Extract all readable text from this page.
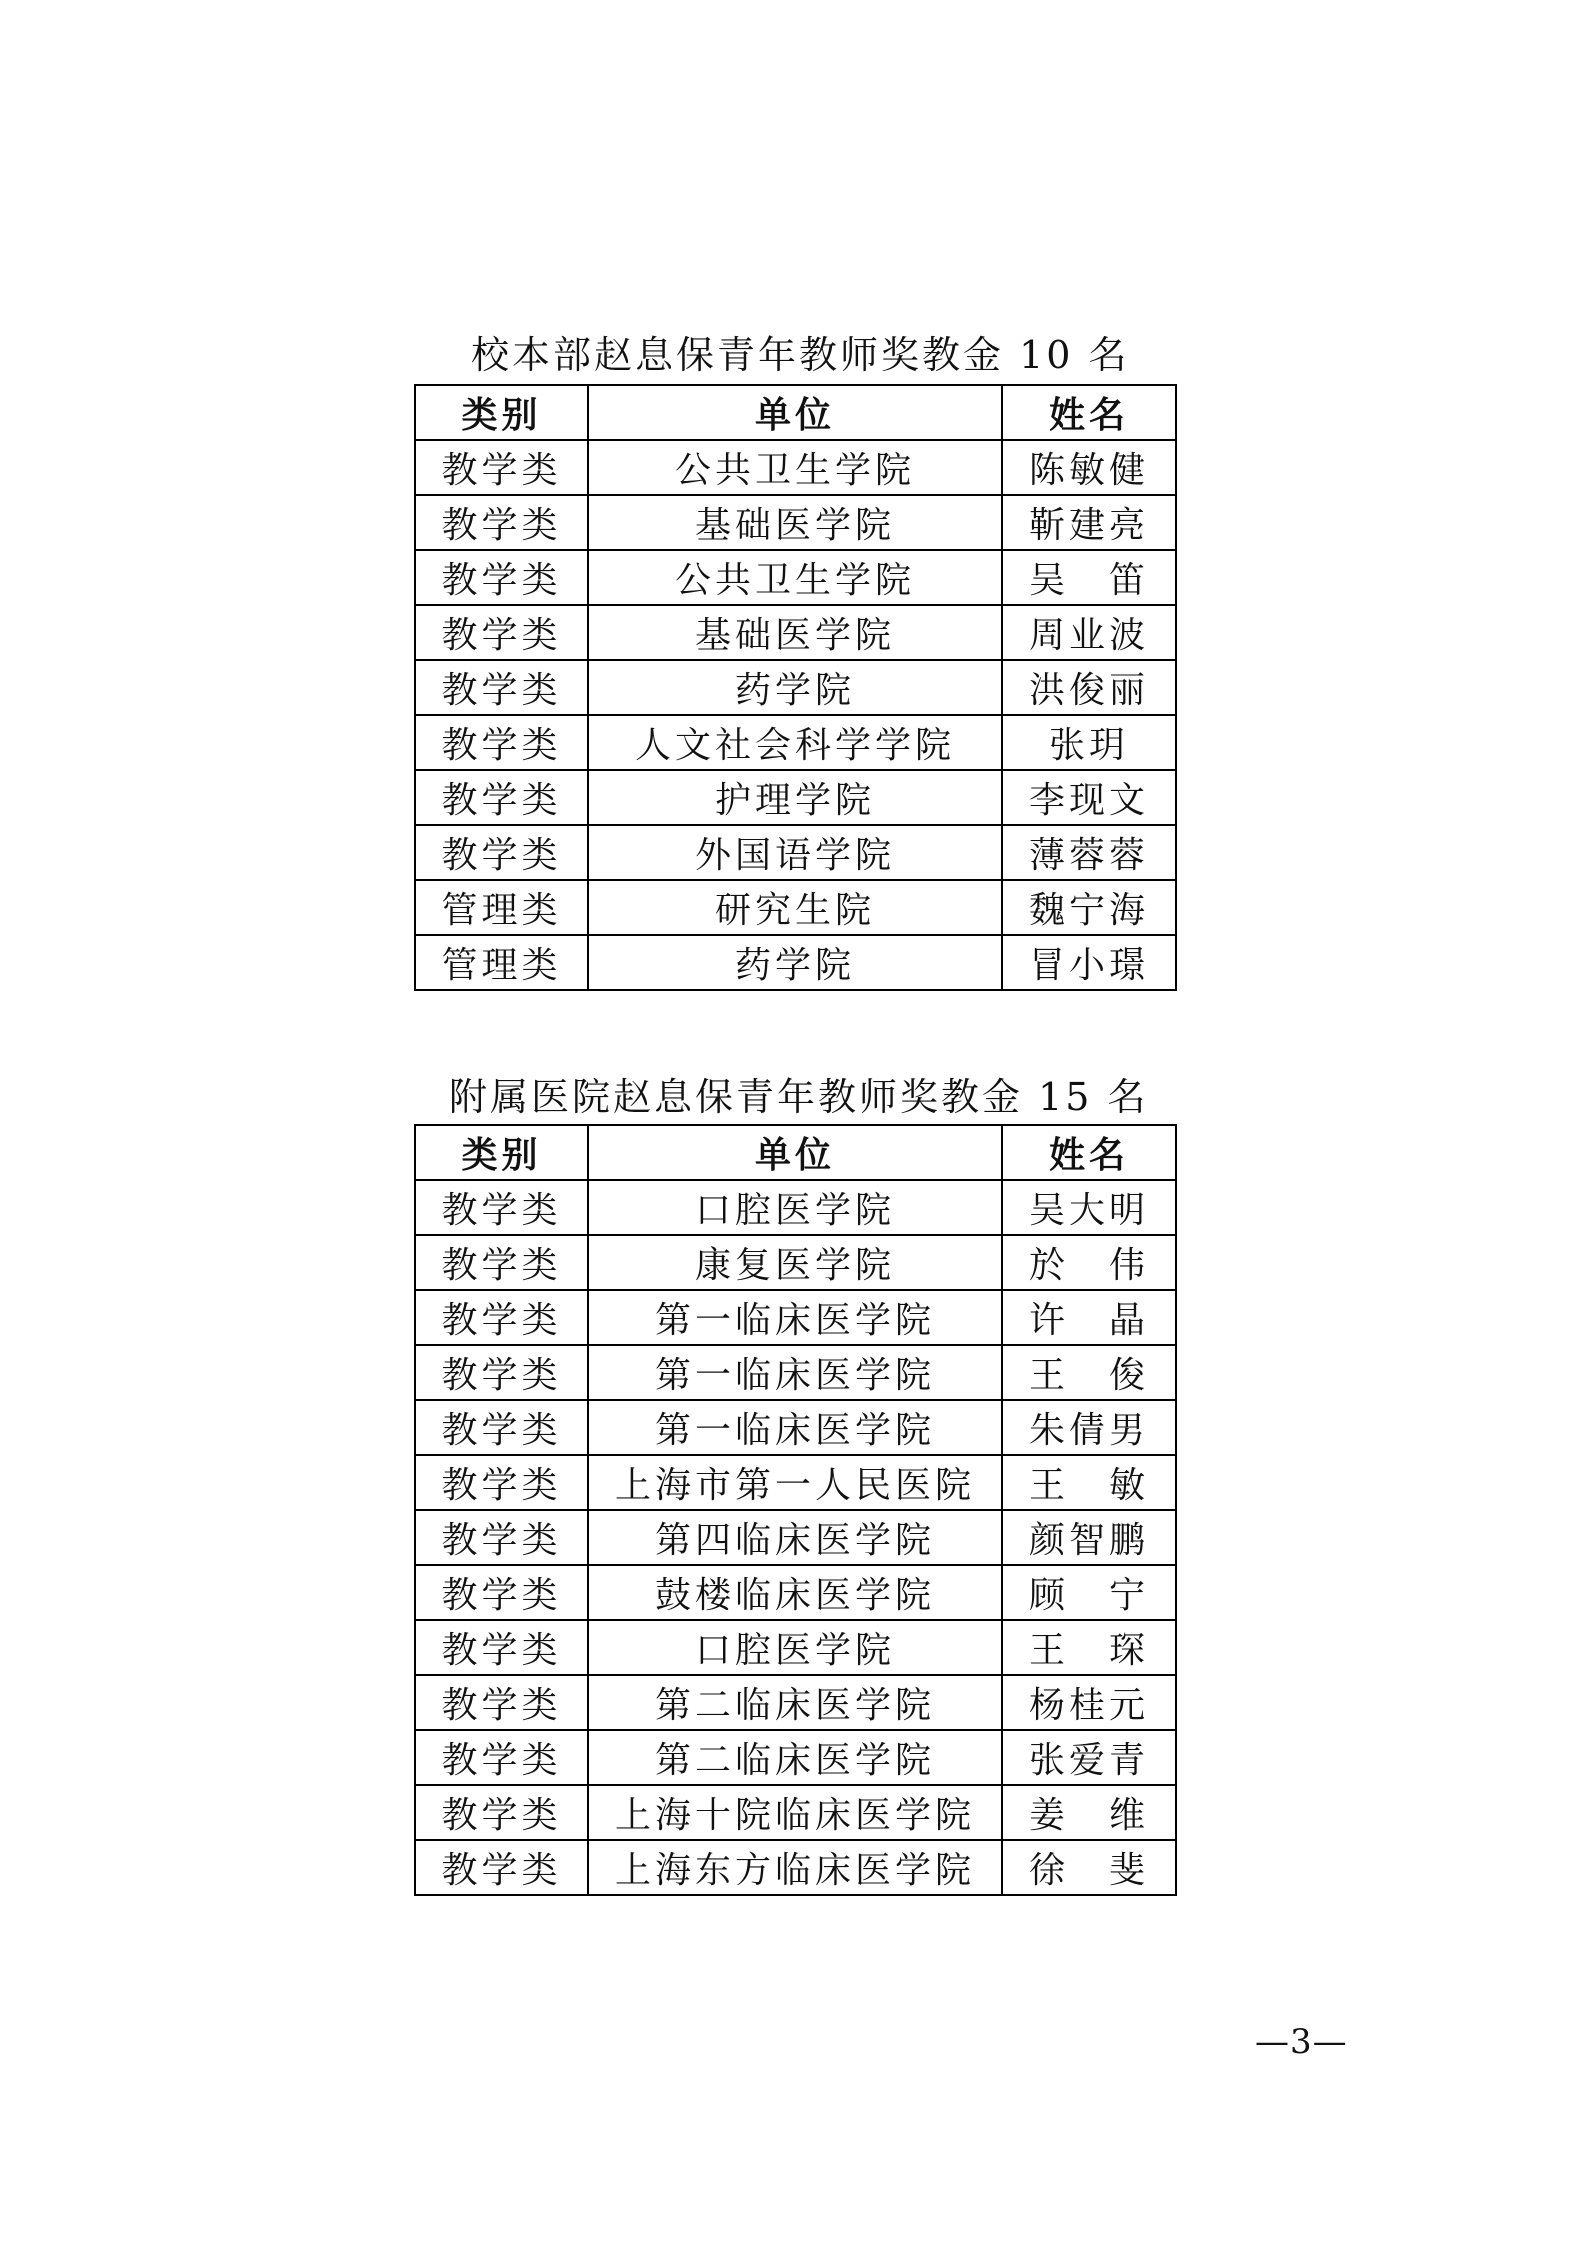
校本部赵息保青年教师奖教金 10 名
类别	单位	姓名
教学类	公共卫生学院	陈敏健
教学类	基础医学院	靳建亮
教学类	公共卫生学院	吴　笛
教学类	基础医学院	周业波
教学类	药学院	洪俊丽
教学类	人文社会科学学院	张玥
教学类	护理学院	李现文
教学类	外国语学院	薄蓉蓉
管理类	研究生院	魏宁海
管理类	药学院	冒小璟
附属医院赵息保青年教师奖教金 15 名
类别	单位	姓名
教学类	口腔医学院	吴大明
教学类	康复医学院	於　伟
教学类	第一临床医学院	许　晶
教学类	第一临床医学院	王　俊
教学类	第一临床医学院	朱倩男
教学类	上海市第一人民医院	王　敏
教学类	第四临床医学院	颜智鹏
教学类	鼓楼临床医学院	顾　宁
教学类	口腔医学院	王　琛
教学类	第二临床医学院	杨桂元
教学类	第二临床医学院	张爱青
教学类	上海十院临床医学院	姜　维
教学类	上海东方临床医学院	徐　斐
—3—
